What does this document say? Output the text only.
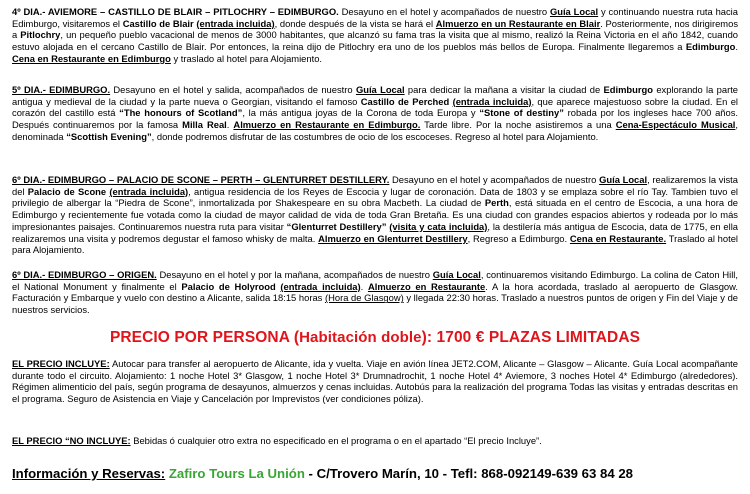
4º DIA.- AVIEMORE – CASTILLO DE BLAIR – PITLOCHRY – EDIMBURGO. Desayuno en el hotel y acompañados de nuestro Guía Local y continuando nuestra ruta hacia Edimburgo, visitaremos el Castillo de Blair (entrada incluida), donde después de la vista se hará el Almuerzo en un Restaurante en Blair. Posteriormente, nos dirigiremos a Pitlochry, un pequeño pueblo vacacional de menos de 3000 habitantes, que alcanzó su fama tras la visita que al mismo, realizó la Reina Victoria en el año 1842, cuando estuvo alojada en el cercano Castillo de Blair. Por entonces, la reina dijo de Pitlochry era uno de los pueblos más bellos de Europa. Finalmente llegaremos a Edimburgo. Cena en Restaurante en Edimburgo y traslado al hotel para Alojamiento.

5º DIA.- EDIMBURGO. Desayuno en el hotel y salida, acompañados de nuestro Guía Local para dedicar la mañana a visitar la ciudad de Edimburgo explorando la parte antigua y medieval de la ciudad y la parte nueva o Georgian, visitando el famoso Castillo de Perched (entrada incluida), que aparece majestuoso sobre la ciudad. En el corazón del castillo está “The honours of Scotland”, la más antigua joyas de la Corona de toda Europa y “Stone of destiny” robada por los ingleses hace 700 años. Después continuaremos por la famosa Milla Real. Almuerzo en Restaurante en Edimburgo. Tarde libre. Por la noche asistiremos a una Cena-Espectáculo Musical, denominada “Scottish Evening”, donde podremos disfrutar de las costumbres de ocio de los escoceses. Regreso al hotel para Alojamiento.

6º DIA.- EDIMBURGO – PALACIO DE SCONE – PERTH – GLENTURRET DESTILLERY. Desayuno en el hotel y acompañados de nuestro Guía Local, realizaremos la vista del Palacio de Scone (entrada incluida), antigua residencia de los Reyes de Escocia y lugar de coronación. Data de 1803 y se emplaza sobre el río Tay. Tambien tuvo el privilegio de albergar la “Piedra de Scone”, inmortalizada por Shakespeare en su obra Macbeth. La ciudad de Perth, está situada en el centro de Escocia, a una hora de Edimburgo y recientemente fue votada como la ciudad de mayor calidad de vida de toda Gran Bretaña. Es una ciudad con grandes espacios abiertos y rodeada por lo más impresionantes paisajes. Continuaremos nuestra ruta para visitar “Glenturret Destillery” (visita y cata incluida), la destilería más antigua de Escocia, data de 1775, en ella realizaremos una visita y podremos degustar el famoso whisky de malta. Almuerzo en Glenturret Destillery, Regreso a Edimburgo. Cena en Restaurante. Traslado al hotel para Alojamiento.

6º DIA.- EDIMBURGO – ORIGEN. Desayuno en el hotel y por la mañana, acompañados de nuestro Guía Local, continuaremos visitando Edimburgo. La colina de Caton Hill, el National Monument y finalmente el Palacio de Holyrood (entrada incluida). Almuerzo en Restaurante. A la hora acordada, traslado al aeropuerto de Glasgow. Facturación y Embarque y vuelo con destino a Alicante, salida 18:15 horas (Hora de Glasgow) y llegada 22:30 horas. Traslado a nuestros puntos de origen y Fin del Viaje y de nuestros servicios.

PRECIO POR PERSONA (Habitación doble): 1700 € PLAZAS LIMITADAS

EL PRECIO INCLUYE: Autocar para transfer al aeropuerto de Alicante, ida y vuelta. Viaje en avión línea JET2.COM, Alicante – Glasgow – Alicante. Guía Local acompañante durante todo el circuito. Alojamiento: 1 noche Hotel 3* Glasgow, 1 noche Hotel 3* Drumnadrochit, 1 noche Hotel 4* Aviemore, 3 noches Hotel 4* Edimburgo (alrededores). Régimen alimenticio del país, según programa de desayunos, almuerzos y cenas incluidas. Autobús para la realización del programa Todas las visitas y entradas descritas en el programa. Seguro de Asistencia en Viaje y Cancelación por Imprevistos (ver condiciones póliza).

EL PRECIO “NO INCLUYE: Bebidas ó cualquier otro extra no especificado en el programa o en el apartado “El precio Incluye”.

Información y Reservas: Zafiro Tours La Unión - C/Trovero Marín, 10 - Tefl: 868-092149-639 63 84 28
